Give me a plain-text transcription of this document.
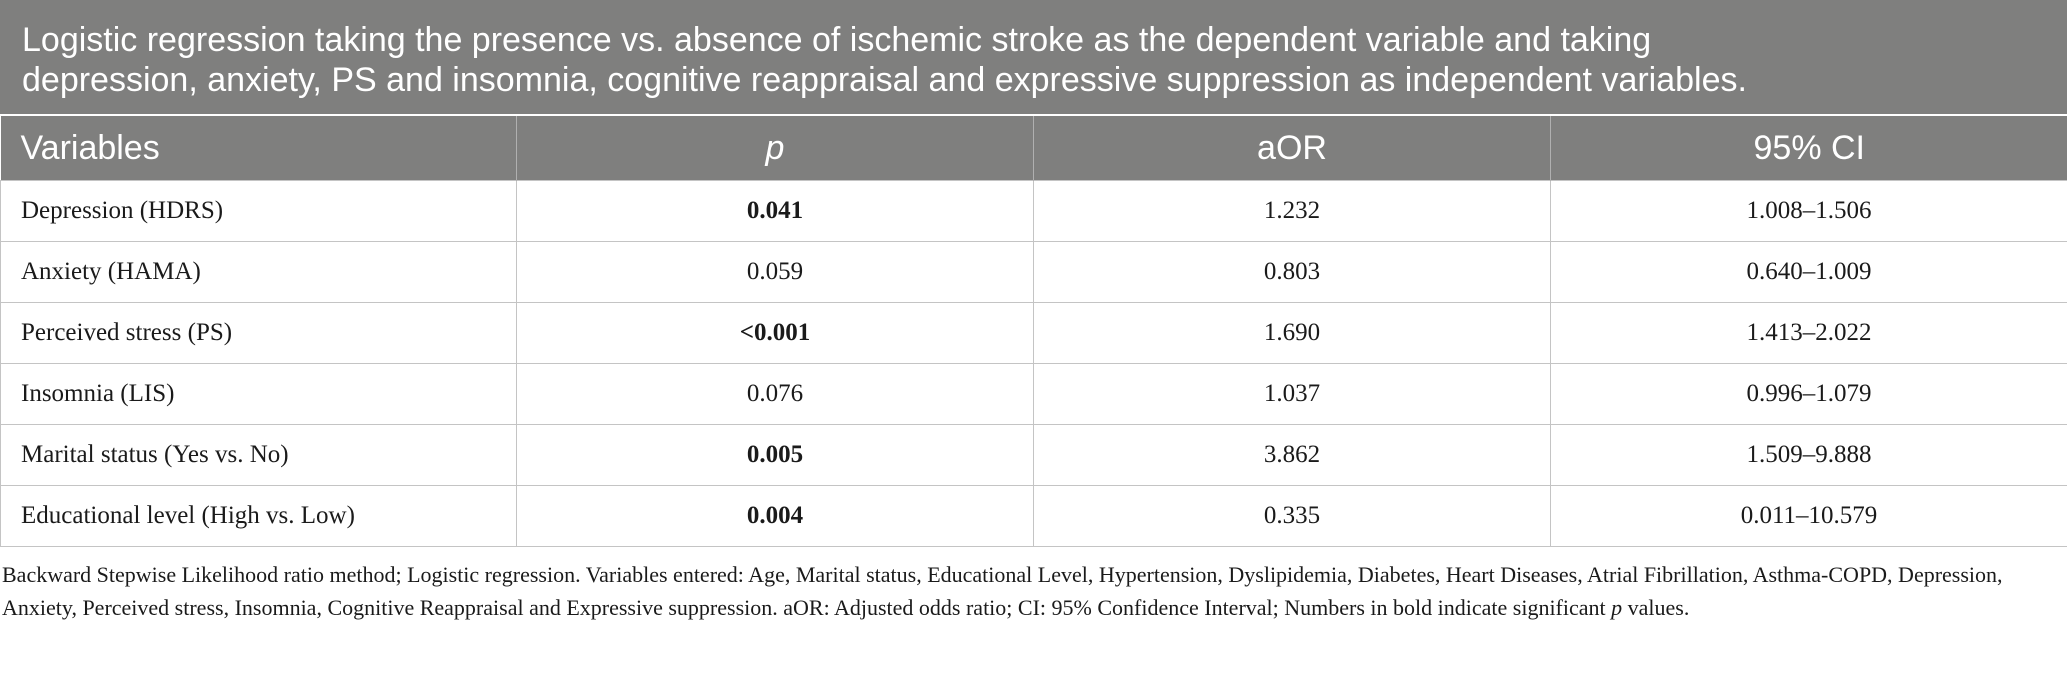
Logistic regression taking the presence vs. absence of ischemic stroke as the dependent variable and taking
depression, anxiety, PS and insomnia, cognitive reappraisal and expressive suppression as independent variables.
Variables	p	aOR	95% CI
Depression (HDRS)	0.041	1.232	1.008–1.506
Anxiety (HAMA)	0.059	0.803	0.640–1.009
Perceived stress (PS)	<0.001	1.690	1.413–2.022
Insomnia (LIS)	0.076	1.037	0.996–1.079
Marital status (Yes vs. No)	0.005	3.862	1.509–9.888
Educational level (High vs. Low)	0.004	0.335	0.011–10.579
Backward Stepwise Likelihood ratio method; Logistic regression. Variables entered: Age, Marital status, Educational Level, Hypertension, Dyslipidemia, Diabetes, Heart Diseases, Atrial Fibrillation, Asthma-COPD, Depression, Anxiety, Perceived stress, Insomnia, Cognitive Reappraisal and Expressive suppression. aOR: Adjusted odds ratio; CI: 95% Confidence Interval; Numbers in bold indicate significant p values.
